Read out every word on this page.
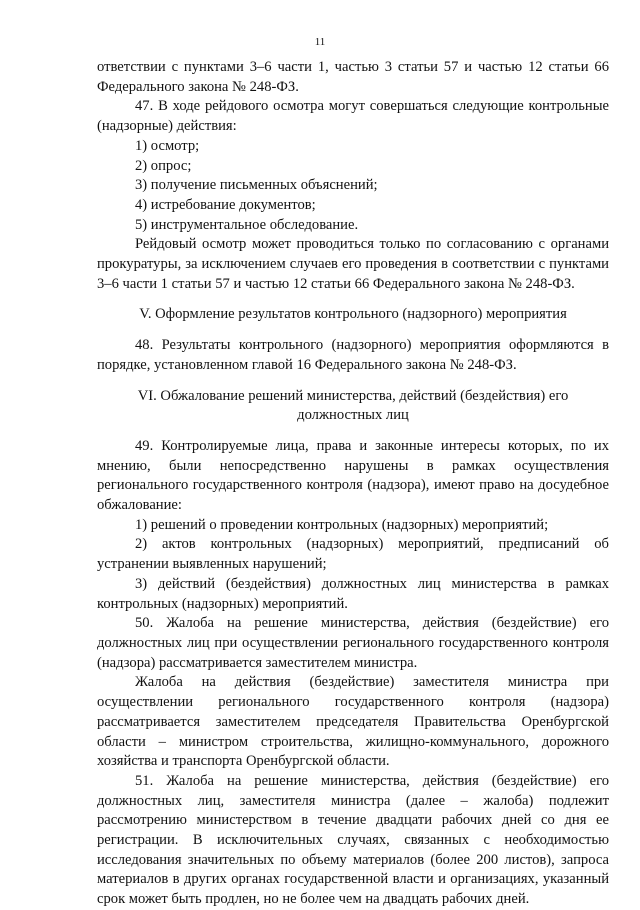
11

ответствии с пунктами 3–6 части 1, частью 3 статьи 57 и частью 12 статьи 66 Федерального закона № 248-ФЗ.

47. В ходе рейдового осмотра могут совершаться следующие контрольные (надзорные) действия:

1) осмотр;

2) опрос;

3) получение письменных объяснений;

4) истребование документов;

5) инструментальное обследование.

Рейдовый осмотр может проводиться только по согласованию с органами прокуратуры, за исключением случаев его проведения в соответствии с пунктами 3–6 части 1 статьи 57 и частью 12 статьи 66 Федерального закона № 248-ФЗ.

V. Оформление результатов контрольного (надзорного) мероприятия

48. Результаты контрольного (надзорного) мероприятия оформляются в порядке, установленном главой 16 Федерального закона № 248-ФЗ.

VI. Обжалование решений министерства, действий (бездействия) его должностных лиц

49. Контролируемые лица, права и законные интересы которых, по их мнению, были непосредственно нарушены в рамках осуществления регионального государственного контроля (надзора), имеют право на досудебное обжалование:

1) решений о проведении контрольных (надзорных) мероприятий;

2) актов контрольных (надзорных) мероприятий, предписаний об устранении выявленных нарушений;

3) действий (бездействия) должностных лиц министерства в рамках контрольных (надзорных) мероприятий.

50. Жалоба на решение министерства, действия (бездействие) его должностных лиц при осуществлении регионального государственного контроля (надзора) рассматривается заместителем министра.

Жалоба на действия (бездействие) заместителя министра при осуществлении регионального государственного контроля (надзора) рассматривается заместителем председателя Правительства Оренбургской области – министром строительства, жилищно-коммунального, дорожного хозяйства и транспорта Оренбургской области.

51. Жалоба на решение министерства, действия (бездействие) его должностных лиц, заместителя министра (далее – жалоба) подлежит рассмотрению министерством в течение двадцати рабочих дней со дня ее регистрации. В исключительных случаях, связанных с необходимостью исследования значительных по объему материалов (более 200 листов), запроса материалов в других органах государственной власти и организациях, указанный срок может быть продлен, но не более чем на двадцать рабочих дней.
